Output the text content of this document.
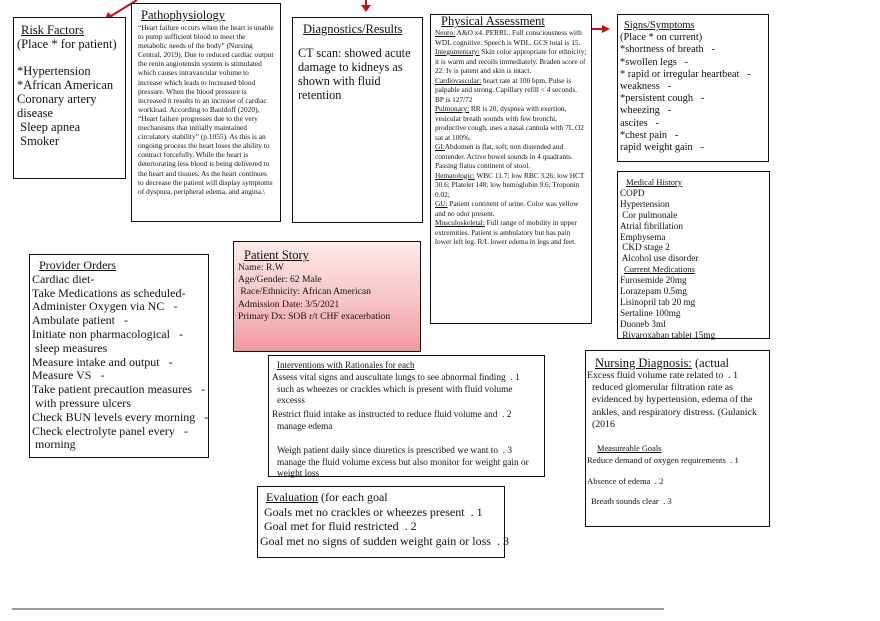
Risk Factors
(Place * for patient)
*Hypertension
*African American
Coronary artery
disease
Sleep apnea
Smoker
Pathophysiology

“Heart failure occurs when the heart is unable to pump sufficient blood to meet the metabolic needs of the body” (Nursing Central, 2019). Due to reduced cardiac output the renin angiotensin system is stimulated which causes intravascular volume to increase which leads to increased blood pressure. When the blood pressure is increased it results to an increase of cardiac workload. According to Bauldoff (2020), “Heart failure progresses due to the very mechanisms that initially maintained circulatory stability” (p.1055). As this is an ongoing process the heart loses the ability to contract forcefully. While the heart is deteriorating less blood is being delivered to the heart and tissues. As the heart continues to decrease the patient will display symptoms of dyspnea, peripheral edema, and angina.\

Diagnostics/Results

CT scan: showed acute damage to kidneys as shown with fluid retention

Physical Assessment

Neuro: A&O x4. PERRL. Full consciousness with WDL cognitive. Speech is WDL. GCS total is 15.

Integumentary: Skin color appropriate for ethnicity; it is warm and recoils immediately. Braden score of 22. Iv is patent and skin is intact.

Cardiovascular: heart rate at 100 bpm. Pulse is palpable and strong. Capillary refill < 4 seconds. BP is 127/72

Pulmonary: RR is 20, dyspnea with exertion, vesicular breath sounds with few bronchi, productive cough, uses a nasal cannula with 7L.O2 sat at 100%.

GI:Abdomen is flat, soft, non distended and contender. Active bowel sounds in 4 quadrants. Passing flatus continent of stool.

Hematologic: WBC 11.7; low RBC 3.26; low HCT 30.6; Platelet 148; low hemoglobin 9.6; Troponin 0.02;

GU: Patient continent of urine. Color was yellow and no odor present.

Musculoskeletal: Full range of mobility in upper extremities. Patient is ambulatory but has pain lower left leg. R/L lower edema in legs and feet.

Signs/Symptoms
(Place * on current)
*shortness of breath   -
*swollen legs   -
* rapid or irregular heartbeat   -
weakness   -
*persistent cough   -
wheezing   -
ascites   -
*chest pain   -
rapid weight gain   -
Medical History
COPD
Hypertension
Cor pulmonale
Atrial fibrillation
Emphysema
CKD stage 2
Alcohol use disorder
Current Medications
Furosemide 20mg
Lorazepam 0.5mg
Lisinopril tab 20 mg
Sertaline 100mg
Duoneb 3ml
Rivaroxaban tablet 15mg
Provider Orders
Cardiac diet-
Take Medications as scheduled-
Administer Oxygen via NC   -
Ambulate patient   -
Initiate non pharmacological   -
sleep measures
Measure intake and output   -
Measure VS   -
Take patient precaution measures   -
with pressure ulcers
Check BUN levels every morning   -
Check electrolyte panel every   -
morning
Patient Story
Name: R.W
Age/Gender: 62 Male
Race/Ethnicity: African American
Admission Date: 3/5/2021
Primary Dx: SOB r/t CHF exacerbation
Interventions with Rationales for each
Assess vital signs and auscultate lungs to see abnormal finding . 1
such as wheezes or crackles which is present with fluid volume excesss
Restrict fluid intake as instructed to reduce fluid volume and . 2
manage edema
Weigh patient daily since diuretics is prescribed we want to . 3
manage the fluid volume excess but also monitor for weight gain or weight loss
Nursing Diagnosis: (actual
Excess fluid volume rate related to . 1
reduced glomerular filtration rate as evidenced by hypertension, edema of the ankles, and respiratory distress. (Gulanick (2016
Measureable Goals
Reduce demand of oxygen requirements . 1
Absence of edema . 2
Breath sounds clear . 3
Evaluation (for each goal
Goals met no crackles or wheezes present . 1
Goal met for fluid restricted . 2
Goal met no signs of sudden weight gain or loss . 3
